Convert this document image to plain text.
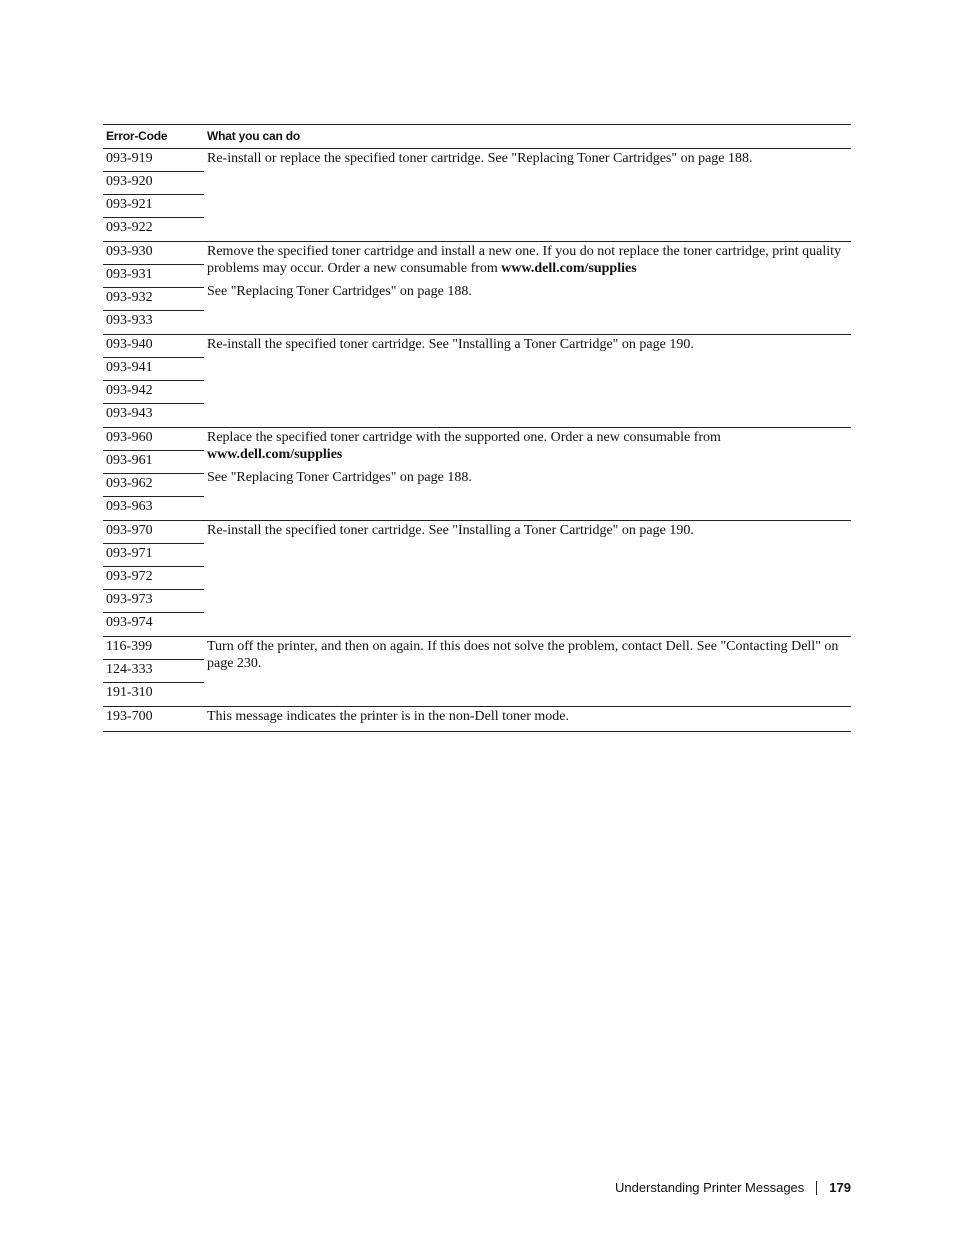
Error-Code	What you can do
093-919
093-920
093-921
093-922

Re-install or replace the specified toner cartridge. See "Replacing Toner Cartridges" on page 188.

093-930
093-931
093-932
093-933

Remove the specified toner cartridge and install a new one. If you do not replace the toner cartridge, print quality problems may occur. Order a new consumable from www.dell.com/supplies

See "Replacing Toner Cartridges" on page 188.

093-940
093-941
093-942
093-943

Re-install the specified toner cartridge. See "Installing a Toner Cartridge" on page 190.

093-960
093-961
093-962
093-963

Replace the specified toner cartridge with the supported one. Order a new consumable from www.dell.com/supplies

See "Replacing Toner Cartridges" on page 188.

093-970
093-971
093-972
093-973
093-974

Re-install the specified toner cartridge. See "Installing a Toner Cartridge" on page 190.

116-399
124-333
191-310

Turn off the printer, and then on again. If this does not solve the problem, contact Dell. See "Contacting Dell" on page 230.

193-700	This message indicates the printer is in the non-Dell toner mode.

Understanding Printer Messages 179
